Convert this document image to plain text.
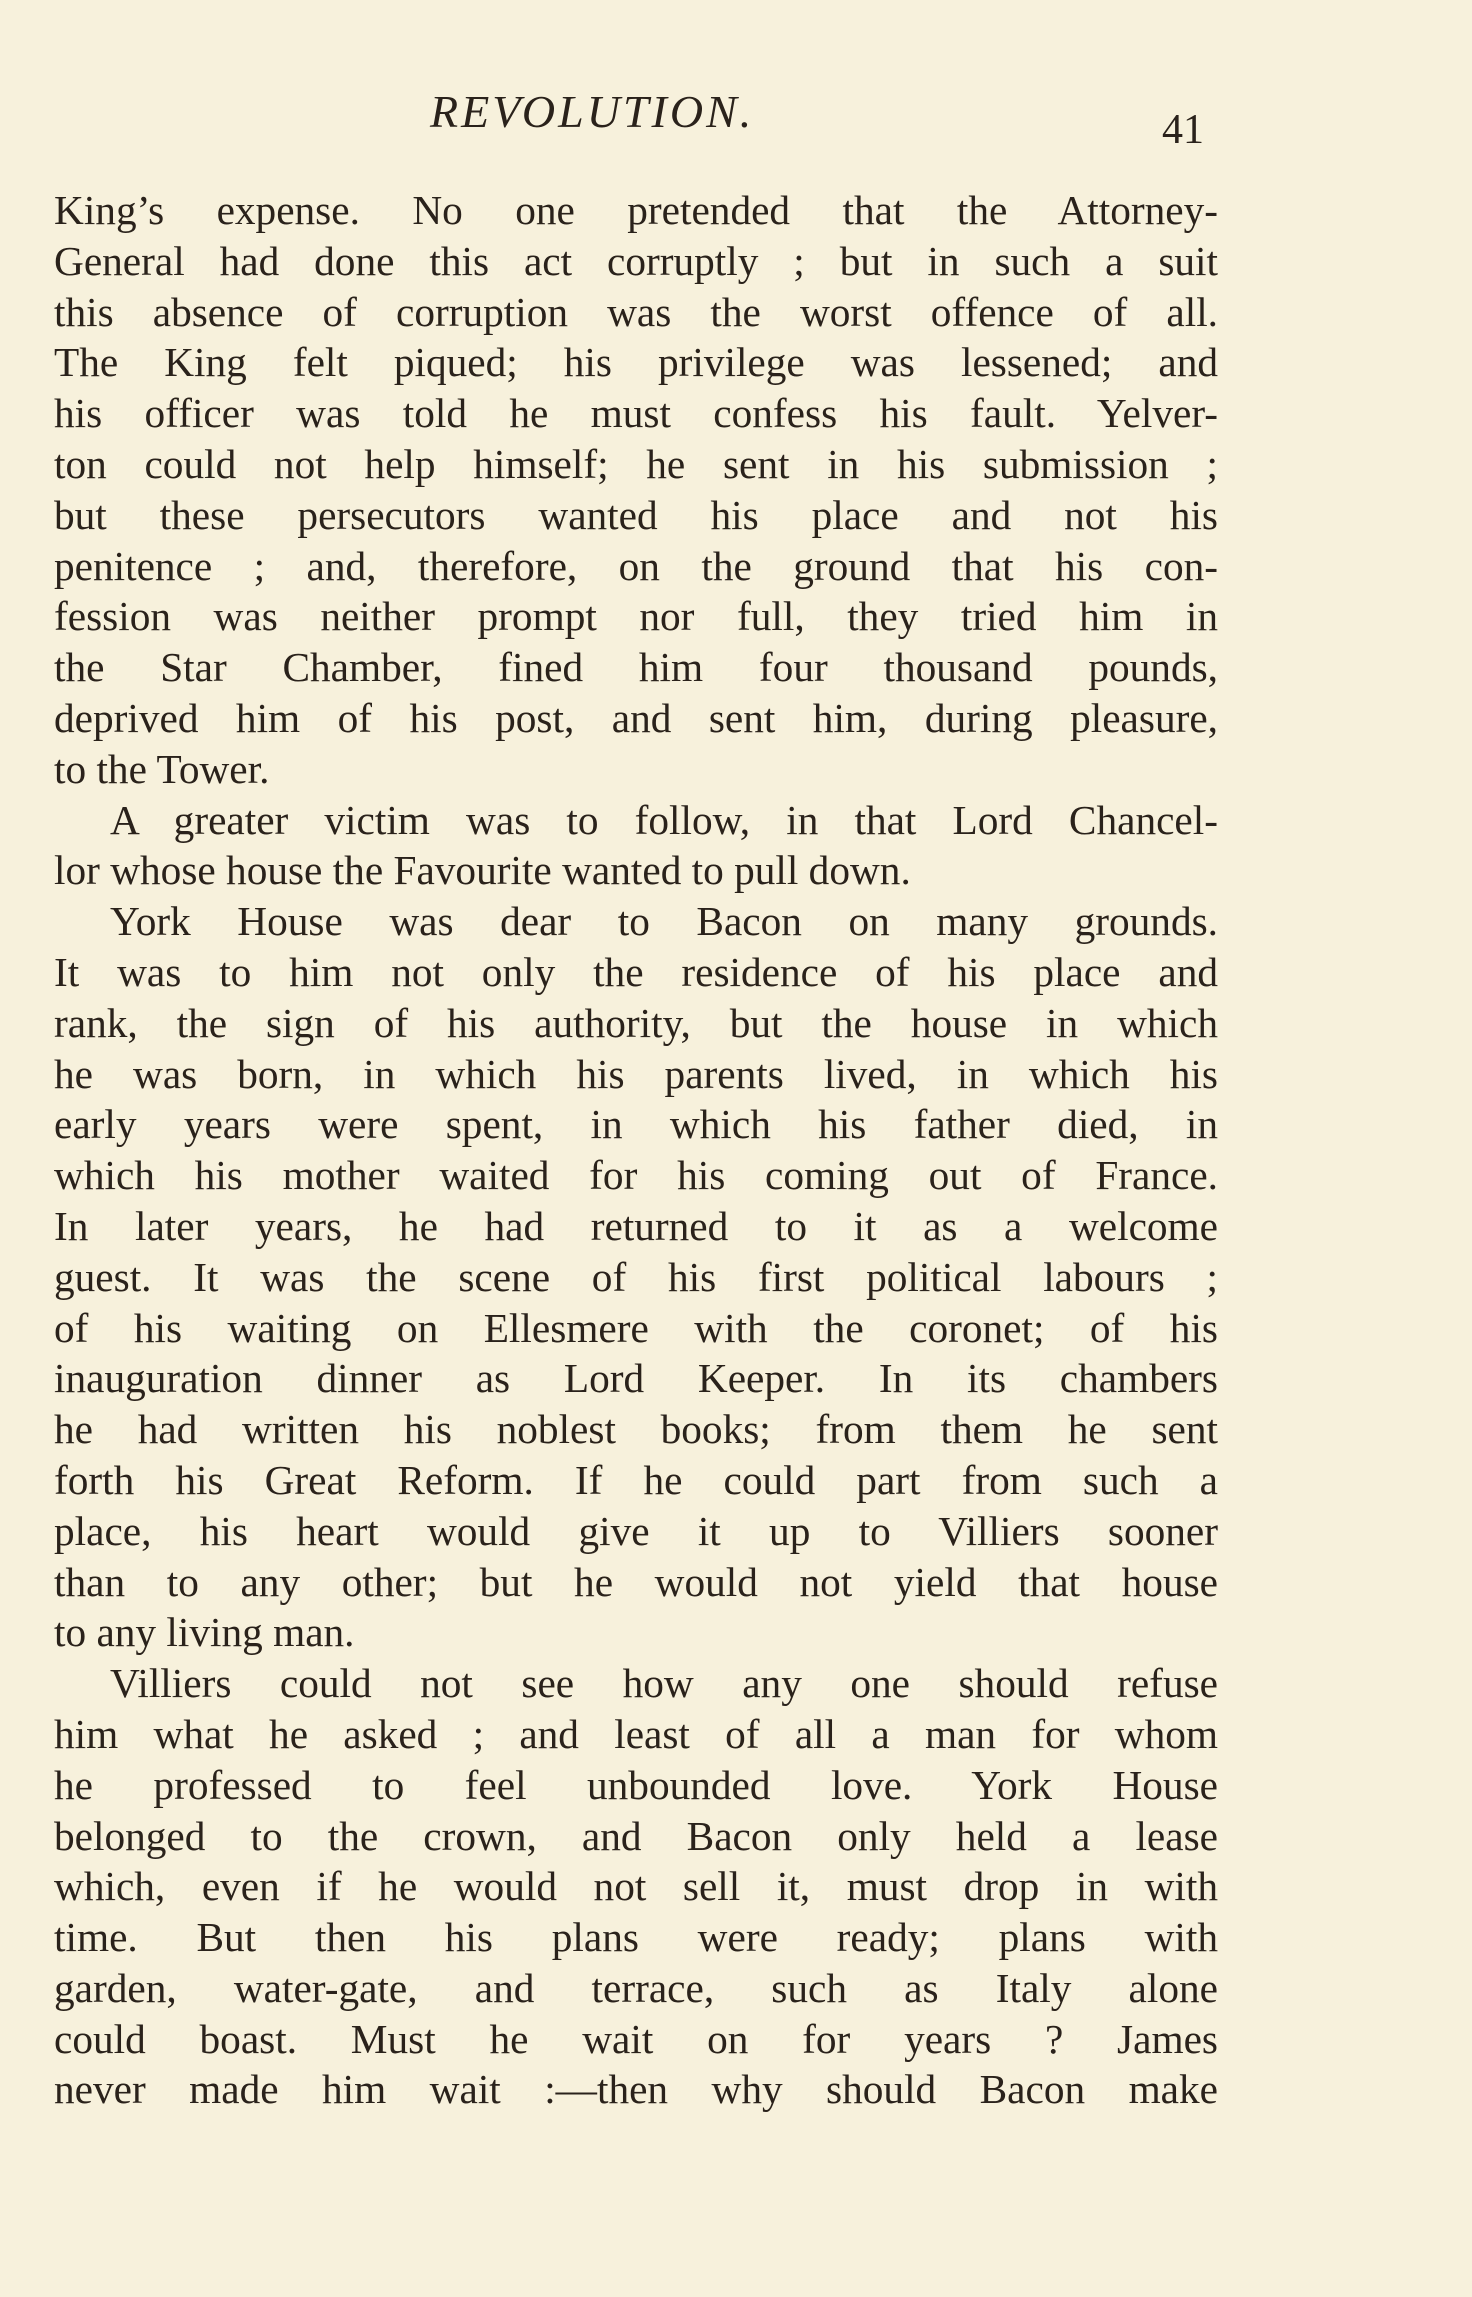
REVOLUTION.	41
King’s expense. No one pretended that the Attorney-
General had done this act corruptly ; but in such a suit
this absence of corruption was the worst offence of all.
The King felt piqued; his privilege was lessened; and
his officer was told he must confess his fault. Yelver-
ton could not help himself; he sent in his submission ;
but these persecutors wanted his place and not his
penitence ; and, therefore, on the ground that his con-
fession was neither prompt nor full, they tried him in
the Star Chamber, fined him four thousand pounds,
deprived him of his post, and sent him, during pleasure,
to the Tower.
A greater victim was to follow, in that Lord Chancel-
lor whose house the Favourite wanted to pull down.
York House was dear to Bacon on many grounds.
It was to him not only the residence of his place and
rank, the sign of his authority, but the house in which
he was born, in which his parents lived, in which his
early years were spent, in which his father died, in
which his mother waited for his coming out of France.
In later years, he had returned to it as a welcome
guest. It was the scene of his first political labours ;
of his waiting on Ellesmere with the coronet; of his
inauguration dinner as Lord Keeper. In its chambers
he had written his noblest books; from them he sent
forth his Great Reform. If he could part from such a
place, his heart would give it up to Villiers sooner
than to any other; but he would not yield that house
to any living man.
Villiers could not see how any one should refuse
him what he asked ; and least of all a man for whom
he professed to feel unbounded love. York House
belonged to the crown, and Bacon only held a lease
which, even if he would not sell it, must drop in with
time. But then his plans were ready; plans with
garden, water-gate, and terrace, such as Italy alone
could boast. Must he wait on for years ? James
never made him wait :—then why should Bacon make
